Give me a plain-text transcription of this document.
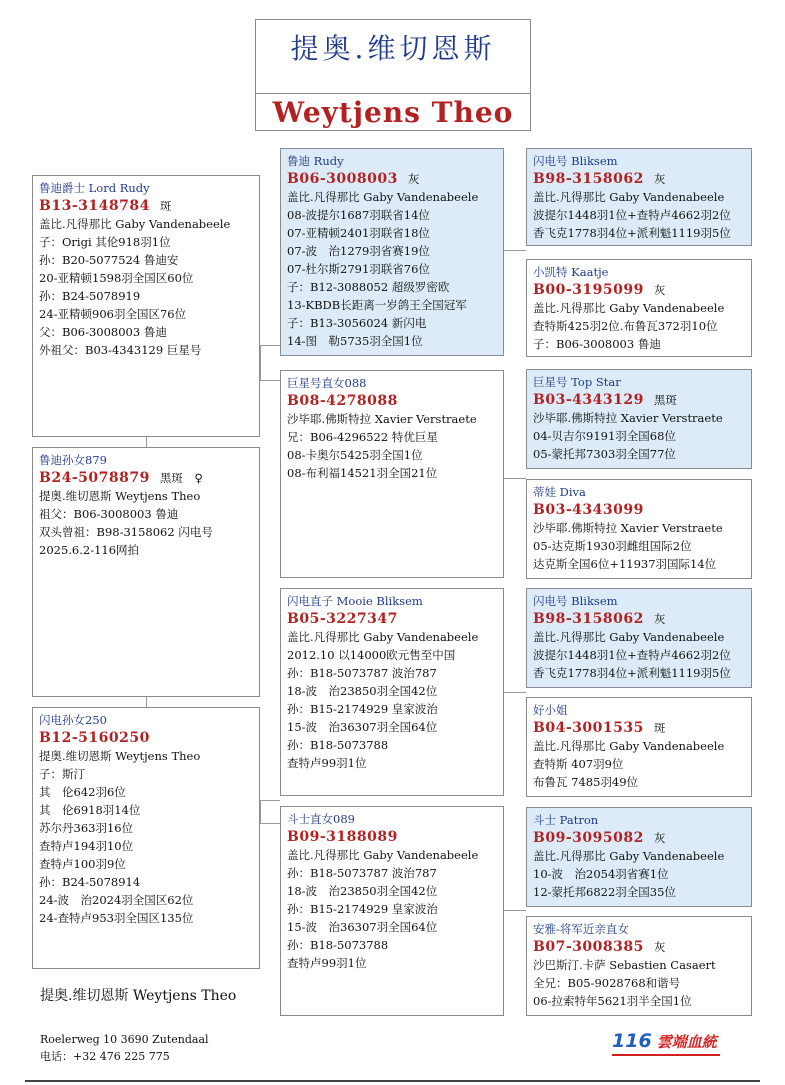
提奥.维切恩斯
Weytjens Theo
鲁迪爵士 Lord Rudy
B13-3148784 斑
盖比.凡得那比 Gaby Vandenabeele
子：Origi 其伦918羽1位
孙：B20-5077524 鲁迪安
20-亚精顿1598羽全国区60位
孙：B24-5078919
24-亚精顿906羽全国区76位
父：B06-3008003 鲁迪
外祖父：B03-4343129 巨星号
鲁迪孙女879
B24-5078879 黑斑　♀
提奥.维切恩斯 Weytjens Theo
祖父：B06-3008003 鲁迪
双头曾祖：B98-3158062 闪电号
2025.6.2-116网拍
闪电孙女250
B12-5160250
提奥.维切恩斯 Weytjens Theo
子：斯汀
其　伦642羽6位
其　伦6918羽14位
苏尔丹363羽16位
查特卢194羽10位
查特卢100羽9位
孙：B24-5078914
24-波　治2024羽全国区62位
24-查特卢953羽全国区135位
鲁迪 Rudy
B06-3008003 灰
盖比.凡得那比 Gaby Vandenabeele
08-波提尔1687羽联省14位
07-亚精顿2401羽联省18位
07-波　治1279羽省赛19位
07-杜尔斯2791羽联省76位
子：B12-3088052 超级罗密欧
13-KBDB长距离一岁鸽王全国冠军
子：B13-3056024 新闪电
14-图　勒5735羽全国1位
巨星号直女088
B08-4278088
沙毕耶.佛斯特拉 Xavier Verstraete
兄：B06-4296522 特优巨星
08-卡奥尔5425羽全国1位
08-布利福14521羽全国21位
闪电直子 Mooie Bliksem
B05-3227347
盖比.凡得那比 Gaby Vandenabeele
2012.10 以14000欧元售至中国
孙：B18-5073787 波治787
18-波　治23850羽全国42位
孙：B15-2174929 皇家波治
15-波　治36307羽全国64位
孙：B18-5073788
查特卢99羽1位
斗士直女089
B09-3188089
盖比.凡得那比 Gaby Vandenabeele
孙：B18-5073787 波治787
18-波　治23850羽全国42位
孙：B15-2174929 皇家波治
15-波　治36307羽全国64位
孙：B18-5073788
查特卢99羽1位
闪电号 Bliksem
B98-3158062 灰
盖比.凡得那比 Gaby Vandenabeele
波提尔1448羽1位+查特卢4662羽2位
香飞克1778羽4位+派利魁1119羽5位
小凯特 Kaatje
B00-3195099 灰
盖比.凡得那比 Gaby Vandenabeele
查特斯425羽2位.布鲁瓦372羽10位
子：B06-3008003 鲁迪
巨星号 Top Star
B03-4343129 黑斑
沙毕耶.佛斯特拉 Xavier Verstraete
04-贝吉尔9191羽全国68位
05-蒙托邦7303羽全国77位
蒂娃 Diva
B03-4343099
沙毕耶.佛斯特拉 Xavier Verstraete
05-达克斯1930羽雌组国际2位
达克斯全国6位+11937羽国际14位
闪电号 Bliksem
B98-3158062 灰
盖比.凡得那比 Gaby Vandenabeele
波提尔1448羽1位+查特卢4662羽2位
香飞克1778羽4位+派利魁1119羽5位
好小姐
B04-3001535 斑
盖比.凡得那比 Gaby Vandenabeele
查特斯 407羽9位
布鲁瓦 7485羽49位
斗士 Patron
B09-3095082 灰
盖比.凡得那比 Gaby Vandenabeele
10-波　治2054羽省赛1位
12-蒙托邦6822羽全国35位
安雅-将军近亲直女
B07-3008385 灰
沙巴斯汀.卡萨 Sebastien Casaert
全兄：B05-9028768和谐号
06-拉索特年5621羽半全国1位
提奥.维切恩斯 Weytjens Theo
Roelerweg 10 3690 Zutendaal
电话：+32 476 225 775
116 雲端血統
